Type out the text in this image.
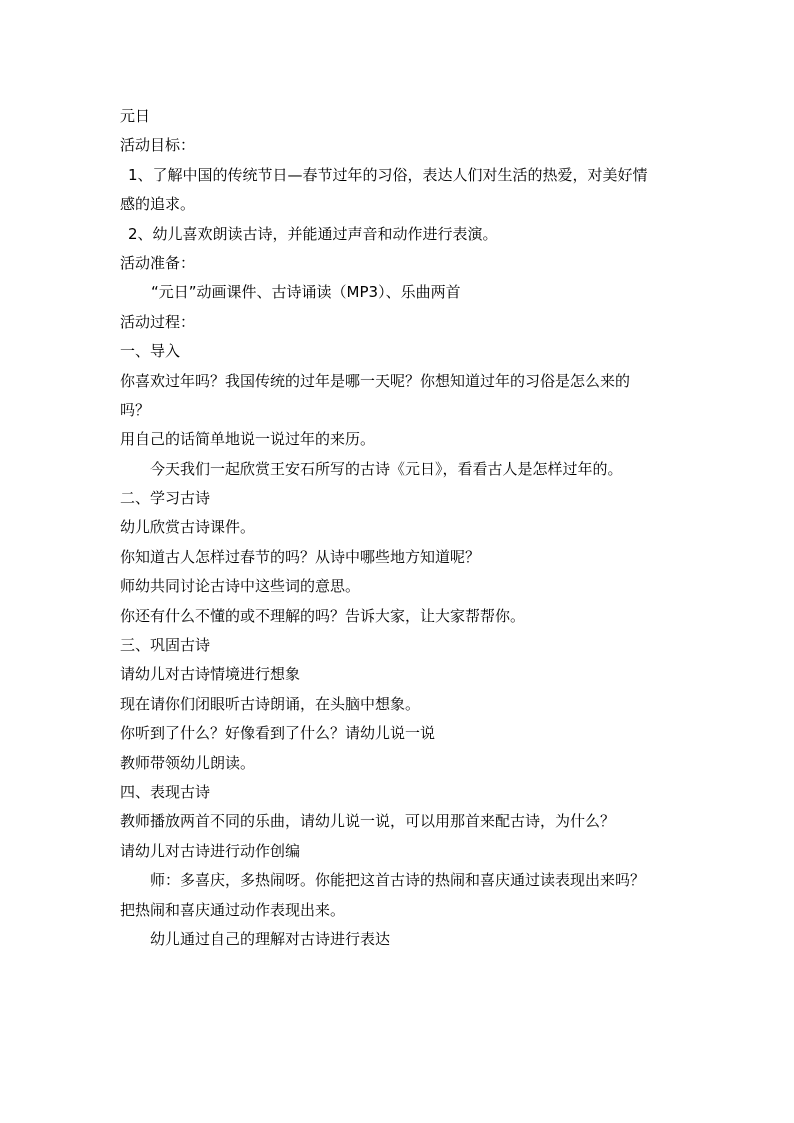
元日
活动目标：
1、了解中国的传统节日—春节过年的习俗，表达人们对生活的热爱，对美好情
感的追求。
2、幼儿喜欢朗读古诗，并能通过声音和动作进行表演。
活动准备：
“元日”动画课件、古诗诵读（MP3）、乐曲两首
活动过程：
一、导入
你喜欢过年吗？我国传统的过年是哪一天呢？你想知道过年的习俗是怎么来的
吗？
用自己的话简单地说一说过年的来历。
今天我们一起欣赏王安石所写的古诗《元日》，看看古人是怎样过年的。
二、学习古诗
幼儿欣赏古诗课件。
你知道古人怎样过春节的吗？从诗中哪些地方知道呢？
师幼共同讨论古诗中这些词的意思。
你还有什么不懂的或不理解的吗？告诉大家，让大家帮帮你。
三、巩固古诗
请幼儿对古诗情境进行想象
现在请你们闭眼听古诗朗诵，在头脑中想象。
你听到了什么？好像看到了什么？请幼儿说一说
教师带领幼儿朗读。
四、表现古诗
教师播放两首不同的乐曲，请幼儿说一说，可以用那首来配古诗，为什么？
请幼儿对古诗进行动作创编
师：多喜庆，多热闹呀。你能把这首古诗的热闹和喜庆通过读表现出来吗？
把热闹和喜庆通过动作表现出来。
幼儿通过自己的理解对古诗进行表达
